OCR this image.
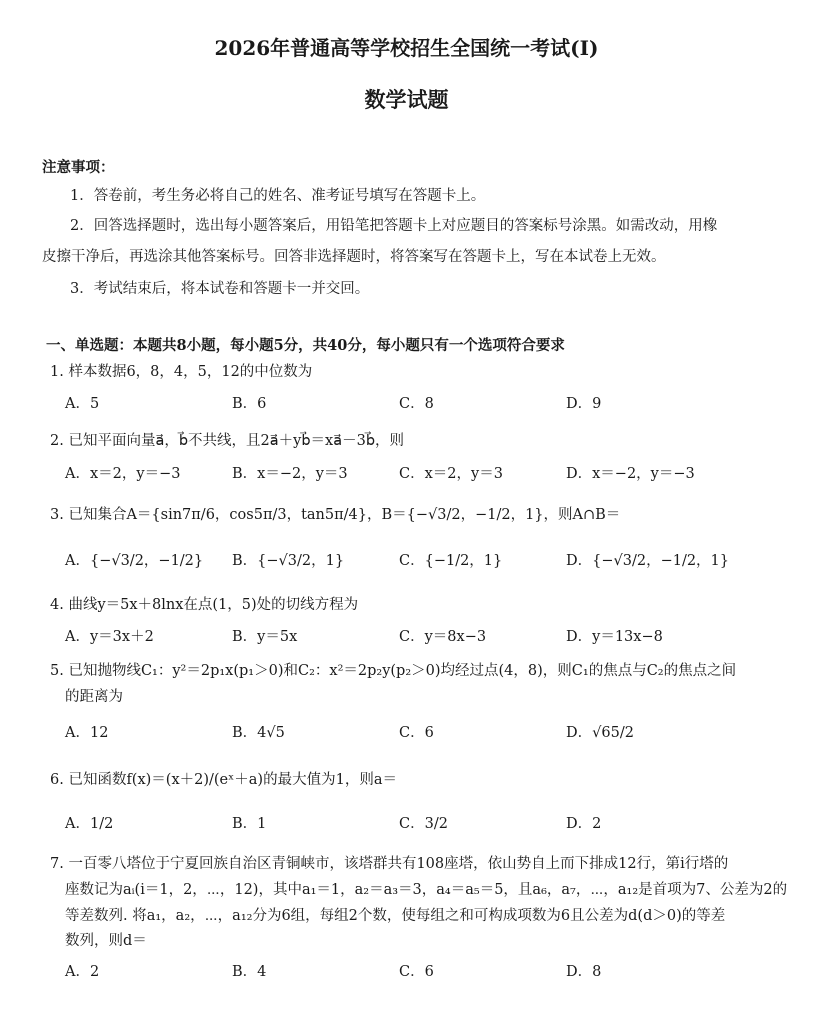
2026年普通高等学校招生全国统一考试(I)
数学试题
注意事项：
1．答卷前，考生务必将自己的姓名、准考证号填写在答题卡上。
2．回答选择题时，选出每小题答案后，用铅笔把答题卡上对应题目的答案标号涂黑。如需改动，用橡
皮擦干净后，再选涂其他答案标号。回答非选择题时，将答案写在答题卡上，写在本试卷上无效。
3．考试结束后，将本试卷和答题卡一并交回。
一、单选题：本题共8小题，每小题5分，共40分，每小题只有一个选项符合要求
1. 样本数据6，8，4，5，12的中位数为
A．5	B．6	C．8	D．9
2. 已知平面向量a⃗，b⃗不共线，且2a⃗＋yb⃗＝xa⃗－3b⃗，则
A．x＝2，y＝−3	B．x＝−2，y＝3	C．x＝2，y＝3	D．x＝−2，y＝−3
3. 已知集合A＝{sin7π/6，cos5π/3，tan5π/4}，B＝{−√3/2，−1/2，1}，则A∩B＝
A．{−√3/2，−1/2} B．{−√3/2，1}	C．{−1/2，1}	D．{−√3/2，−1/2，1}
4. 曲线y＝5x＋8lnx在点(1，5)处的切线方程为
A．y＝3x＋2	B．y＝5x	C．y＝8x−3	D．y＝13x−8
5. 已知抛物线C₁：y²＝2p₁x(p₁＞0)和C₂：x²＝2p₂y(p₂＞0)均经过点(4，8)，则C₁的焦点与C₂的焦点之间
的距离为
A．12	B．4√5	C．6	D．√65/2
6. 已知函数f(x)＝(x＋2)/(eˣ＋a)的最大值为1，则a＝
A．1/2	B．1	C．3/2	D．2
7. 一百零八塔位于宁夏回族自治区青铜峡市，该塔群共有108座塔，依山势自上而下排成12行，第i行塔的
座数记为aᵢ(i＝1，2，⋯，12)，其中a₁＝1，a₂＝a₃＝3，a₄＝a₅＝5，且a₆，a₇，⋯，a₁₂是首项为7、公差为2的
等差数列. 将a₁，a₂，⋯，a₁₂分为6组，每组2个数，使每组之和可构成项数为6且公差为d(d＞0)的等差
数列，则d＝
A．2	B．4	C．6	D．8
